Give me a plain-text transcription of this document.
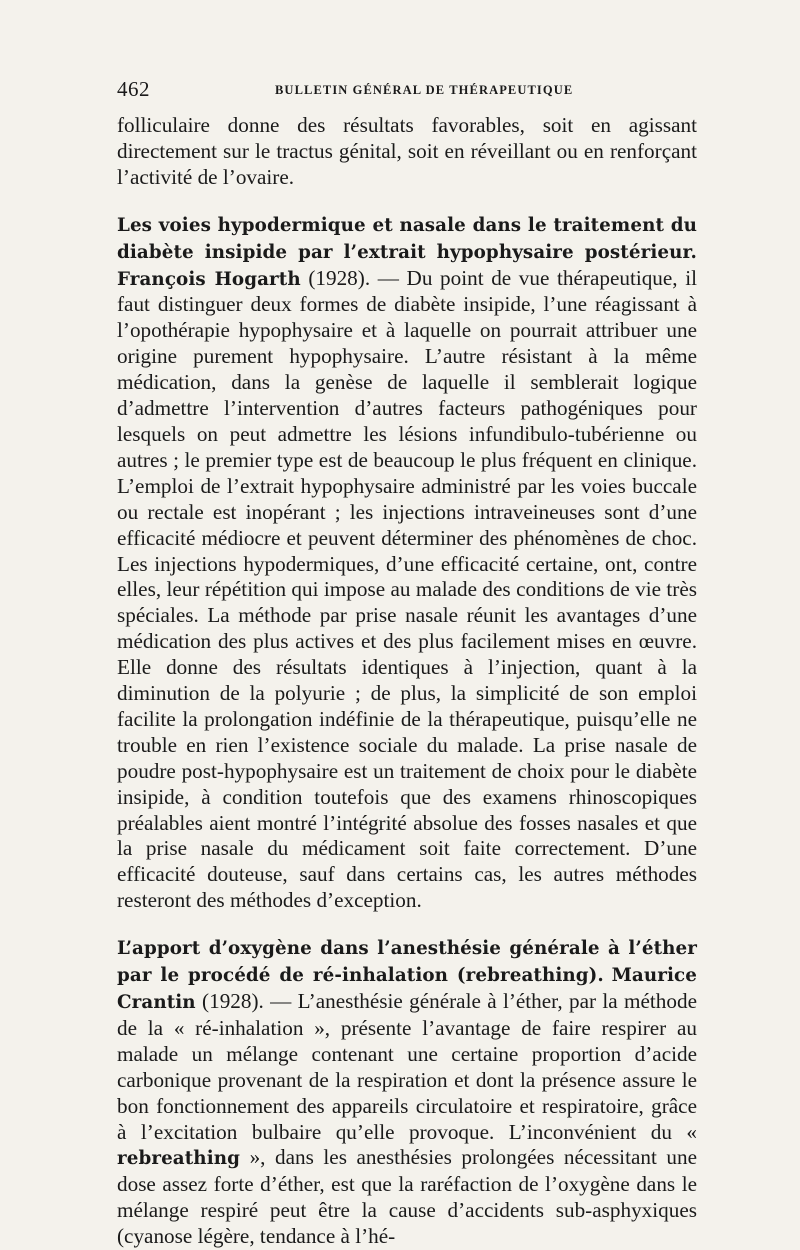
462	BULLETIN GÉNÉRAL DE THÉRAPEUTIQUE

folliculaire donne des résultats favorables, soit en agissant directement sur le tractus génital, soit en réveillant ou en renforçant l’activité de l’ovaire.

Les voies hypodermique et nasale dans le traitement du diabète insipide par l’extrait hypophysaire postérieur. François Hogarth (1928). — Du point de vue thérapeutique, il faut distinguer deux formes de diabète insipide, l’une réagissant à l’opothérapie hypophysaire et à laquelle on pourrait attribuer une origine purement hypophysaire. L’autre résistant à la même médication, dans la genèse de laquelle il semblerait logique d’admettre l’intervention d’autres facteurs pathogéniques pour lesquels on peut admettre les lésions infundibulo-tubérienne ou autres ; le premier type est de beaucoup le plus fréquent en clinique. L’emploi de l’extrait hypophysaire administré par les voies buccale ou rectale est inopérant ; les injections intraveineuses sont d’une efficacité médiocre et peuvent déterminer des phénomènes de choc. Les injections hypodermiques, d’une efficacité certaine, ont, contre elles, leur répétition qui impose au malade des conditions de vie très spéciales. La méthode par prise nasale réunit les avantages d’une médication des plus actives et des plus facilement mises en œuvre. Elle donne des résultats identiques à l’injection, quant à la diminution de la polyurie ; de plus, la simplicité de son emploi facilite la prolongation indéfinie de la thérapeutique, puisqu’elle ne trouble en rien l’existence sociale du malade. La prise nasale de poudre post-hypophysaire est un traitement de choix pour le diabète insipide, à condition toutefois que des examens rhinoscopiques préalables aient montré l’intégrité absolue des fosses nasales et que la prise nasale du médicament soit faite correctement. D’une efficacité douteuse, sauf dans certains cas, les autres méthodes resteront des méthodes d’exception.

L’apport d’oxygène dans l’anesthésie générale à l’éther par le procédé de ré-inhalation (rebreathing). Maurice Crantin (1928). — L’anesthésie générale à l’éther, par la méthode de la « ré-inhalation », présente l’avantage de faire respirer au malade un mélange contenant une certaine proportion d’acide carbonique provenant de la respiration et dont la présence assure le bon fonctionnement des appareils circulatoire et respiratoire, grâce à l’excitation bulbaire qu’elle provoque. L’inconvénient du « rebreathing », dans les anesthésies prolongées nécessitant une dose assez forte d’éther, est que la raréfaction de l’oxygène dans le mélange respiré peut être la cause d’accidents sub-asphyxiques (cyanose légère, tendance à l’hé-
